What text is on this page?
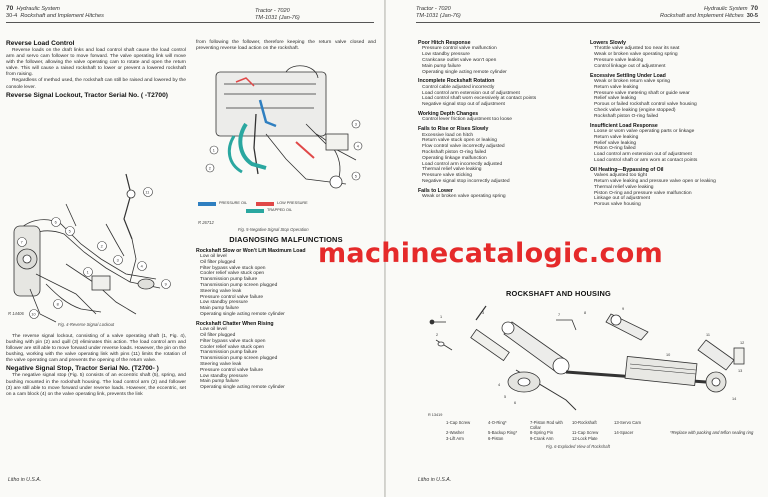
70 Hydraulic System
30-4 Rockshaft and Implement Hitches
Tractor - 7020
TM-1031 (Jan-76)
Reverse Load Control

Reverse loads on the draft links and load control shaft cause the load control arm and servo cam follower to move forward. The valve operating link will move with the follower, allowing the valve operating cam to rotate and open the return valve. This will cause a raised rockshaft to lower or prevent a lowered rockshaft from raising.

Regardless of method used, the rockshaft can still be raised and lowered by the console lever.

Reverse Signal Lockout, Tractor Serial No. ( -T2700)
7
6
5
1
2
3
4
11
8
10
9
R 14406
Fig. 4-Reverse Signal Lockout

The reverse signal lockout, consisting of a valve operating shaft (1, Fig. 4), bushing with pin (2) and quill (3) eliminates this action. The load control arm and follower are still able to move forward under reverse loads. However, the pin on the bushing, working with the valve operating link with pins (11) limits the rotation of the valve operating cam and prevents the opening of the return valve.

Negative Signal Stop, Tractor Serial No. (T2700- )

The negative signal stop (Fig. 5) consists of an eccentric shaft (5), spring, and bushing mounted in the rockshaft housing. The load control arm (2) and follower (3) are still able to move forward under reverse loads. However, the eccentric, set on a cam block (4) on the valve operating link, prevents the link

Litho in U.S.A.

from following the follower, therefore keeping the return valve closed and preventing reverse load action on the rockshaft.

1
2
3
4
5
PRESSURE OIL	LOW PRESSURE
TRAPPED OIL
R 26712
Fig. 5-Negative Signal Stop Operation
DIAGNOSING MALFUNCTIONS
Rockshaft Slow or Won't Lift Maximum Load
Low oil level
Oil filter plugged
Filter bypass valve stuck open
Cooler relief valve stuck open
Transmission pump failure
Transmission pump screen plugged
Steering valve leak
Pressure control valve failure
Low standby pressure
Main pump failure
Operating single acting remote cylinder
Rockshaft Chatter When Rising
Low oil level
Oil filter plugged
Filter bypass valve stuck open
Cooler relief valve stuck open
Transmission pump failure
Transmission pump screen plugged
Steering valve leak
Pressure control valve failure
Low standby pressure
Main pump failure
Operating single acting remote cylinder
Tractor - 7020
TM-1031 (Jan-76)
Hydraulic System 70
Rockshaft and Implement Hitches 30-5
Poor Hitch Response
Pressure control valve malfunction
Low standby pressure
Crankcase outlet valve won't open
Main pump failure
Operating single acting remote cylinder
Incomplete Rockshaft Rotation
Control cable adjusted incorrectly
Load control arm extension out of adjustment
Load control shaft worn excessively at contact points
Negative signal stop out of adjustment
Working Depth Changes
Control lever friction adjustment too loose
Fails to Rise or Rises Slowly
Excessive load on hitch
Return valve stuck open or leaking
Flow control valve incorrectly adjusted
Rockshaft piston O-ring failed
Operating linkage malfunction
Load control arm incorrectly adjusted
Thermal relief valve leaking
Pressure valve sticking
Negative signal stop incorrectly adjusted
Fails to Lower
Weak or broken valve operating spring
Lowers Slowly
Throttle valve adjusted too near its seat
Weak or broken valve operating spring
Pressure valve leaking
Control linkage out of adjustment
Excessive Settling Under Load
Weak or broken return valve spring
Return valve leaking
Pressure valve metering shaft or guide wear
Relief valve leaking
Porous or failed rockshaft control valve housing
Check valve leaking (engine stopped)
Rockshaft piston O-ring failed
Insufficient Load Response
Loose or worn valve operating parts or linkage
Return valve leaking
Relief valve leaking
Piston O-ring failed
Load control arm extension out of adjustment
Load control shaft or arm worn at contact points
Oil Heating—Bypassing of Oil
Valves adjusted too tight
Return valve leaking and pressure valve open or leaking
Thermal relief valve leaking
Piston O-ring and pressure valve malfunction
Linkage out of adjustment
Porous valve housing
ROCKSHAFT AND HOUSING
1
2
3
4
5
6
7	8
9
10
11
12
13
14
R 13419
1-Cap Screw	4-O-Ring*	7-Piston Rod with Collar
10-Rockshaft	13-Servo Cam
2-Washer	5-Backup Ring*	8-Spring Pin	11-Cap Screw	14-Spacer
3-Lift Arm	6-Piston	9-Crank Arm	12-Lock Plate
*Replace with packing and teflon sealing ring
Fig. 6-Exploded View of Rockshaft
Litho in U.S.A.
machinecatalogic.com
